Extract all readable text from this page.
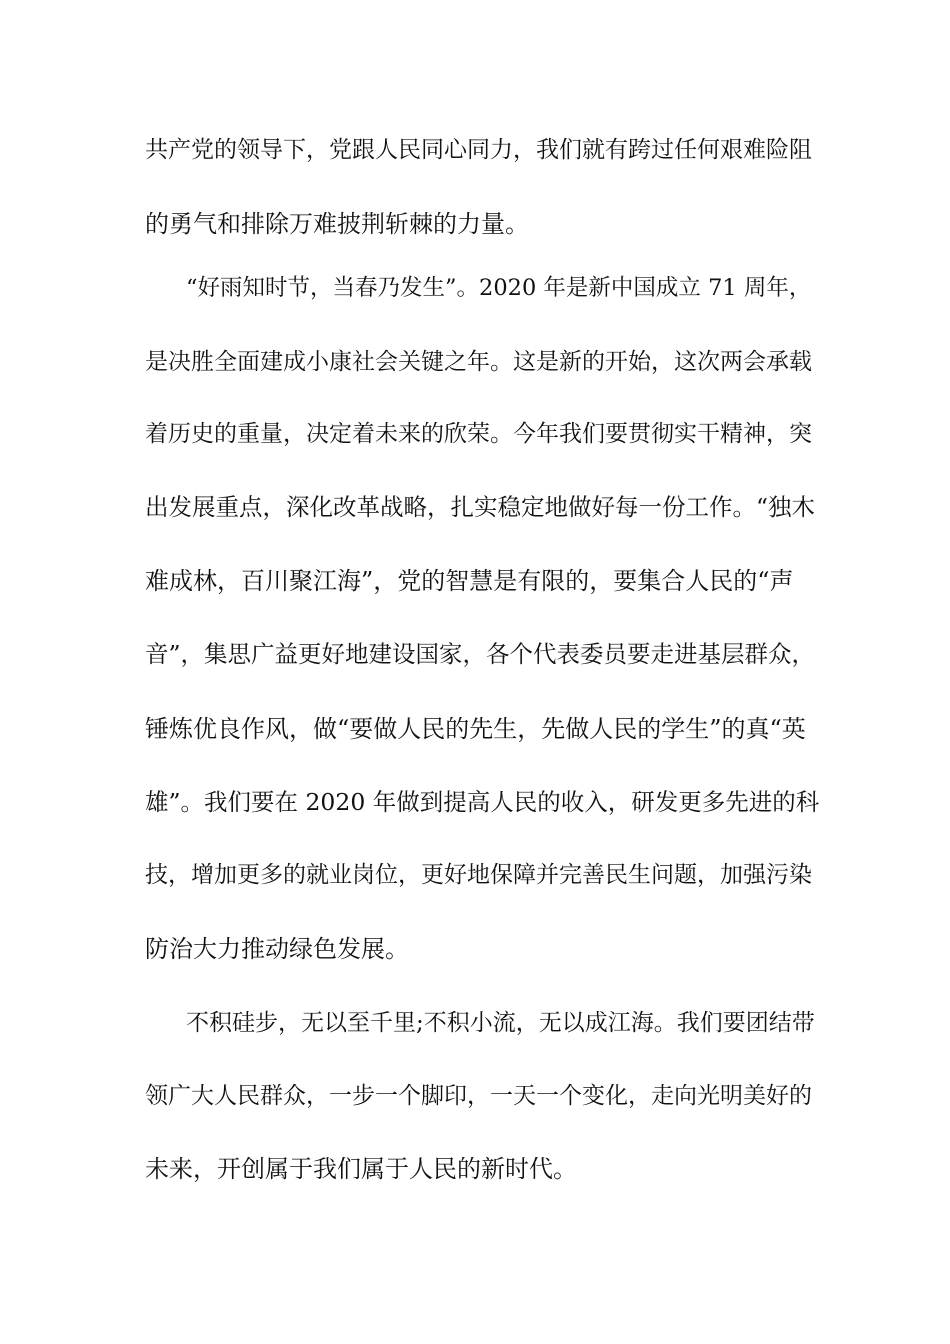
共产党的领导下，党跟人民同心同力，我们就有跨过任何艰难险阻
的勇气和排除万难披荆斩棘的力量。
“好雨知时节，当春乃发生”。2020 年是新中国成立 71 周年，
是决胜全面建成小康社会关键之年。这是新的开始，这次两会承载
着历史的重量，决定着未来的欣荣。今年我们要贯彻实干精神，突
出发展重点，深化改革战略，扎实稳定地做好每一份工作。“独木
难成林，百川聚江海”，党的智慧是有限的，要集合人民的“声
音”，集思广益更好地建设国家，各个代表委员要走进基层群众，
锤炼优良作风，做“要做人民的先生，先做人民的学生”的真“英
雄”。我们要在 2020 年做到提高人民的收入，研发更多先进的科
技，增加更多的就业岗位，更好地保障并完善民生问题，加强污染
防治大力推动绿色发展。
不积硅步，无以至千里;不积小流，无以成江海。我们要团结带
领广大人民群众，一步一个脚印，一天一个变化，走向光明美好的
未来，开创属于我们属于人民的新时代。
